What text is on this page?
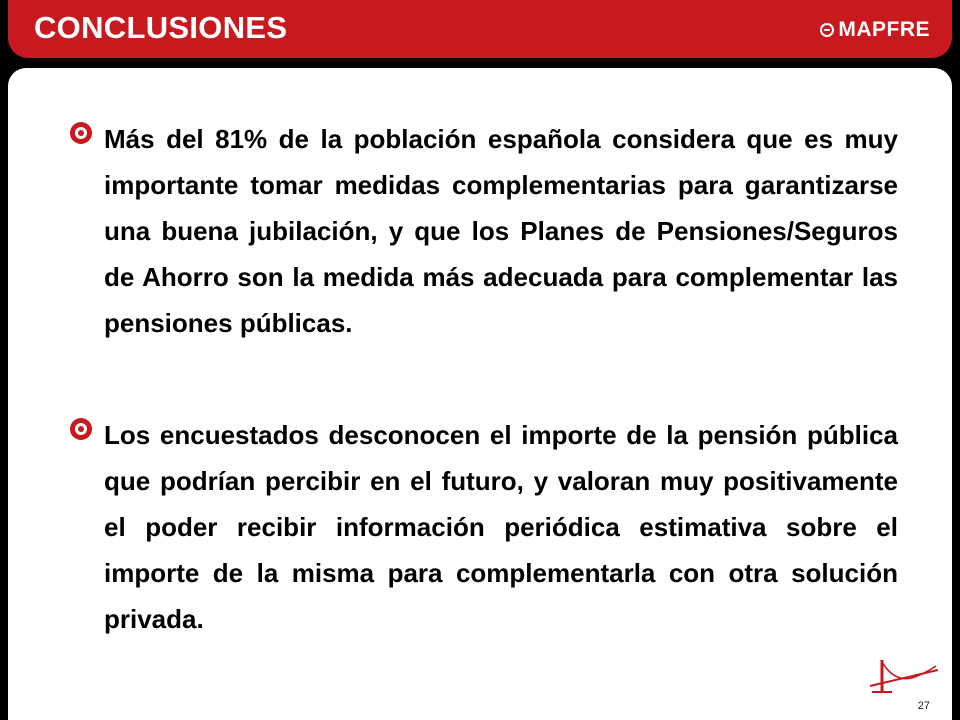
CONCLUSIONES	MAPFRE
Más del 81% de la población española considera que es muy importante tomar medidas complementarias para garantizarse una buena jubilación, y que los Planes de Pensiones/Seguros de Ahorro son la medida más adecuada para complementar las pensiones públicas.
Los encuestados desconocen el importe de la pensión pública que podrían percibir en el futuro, y valoran muy positivamente el poder recibir información periódica estimativa sobre el importe de la misma para complementarla con otra solución privada.
27
